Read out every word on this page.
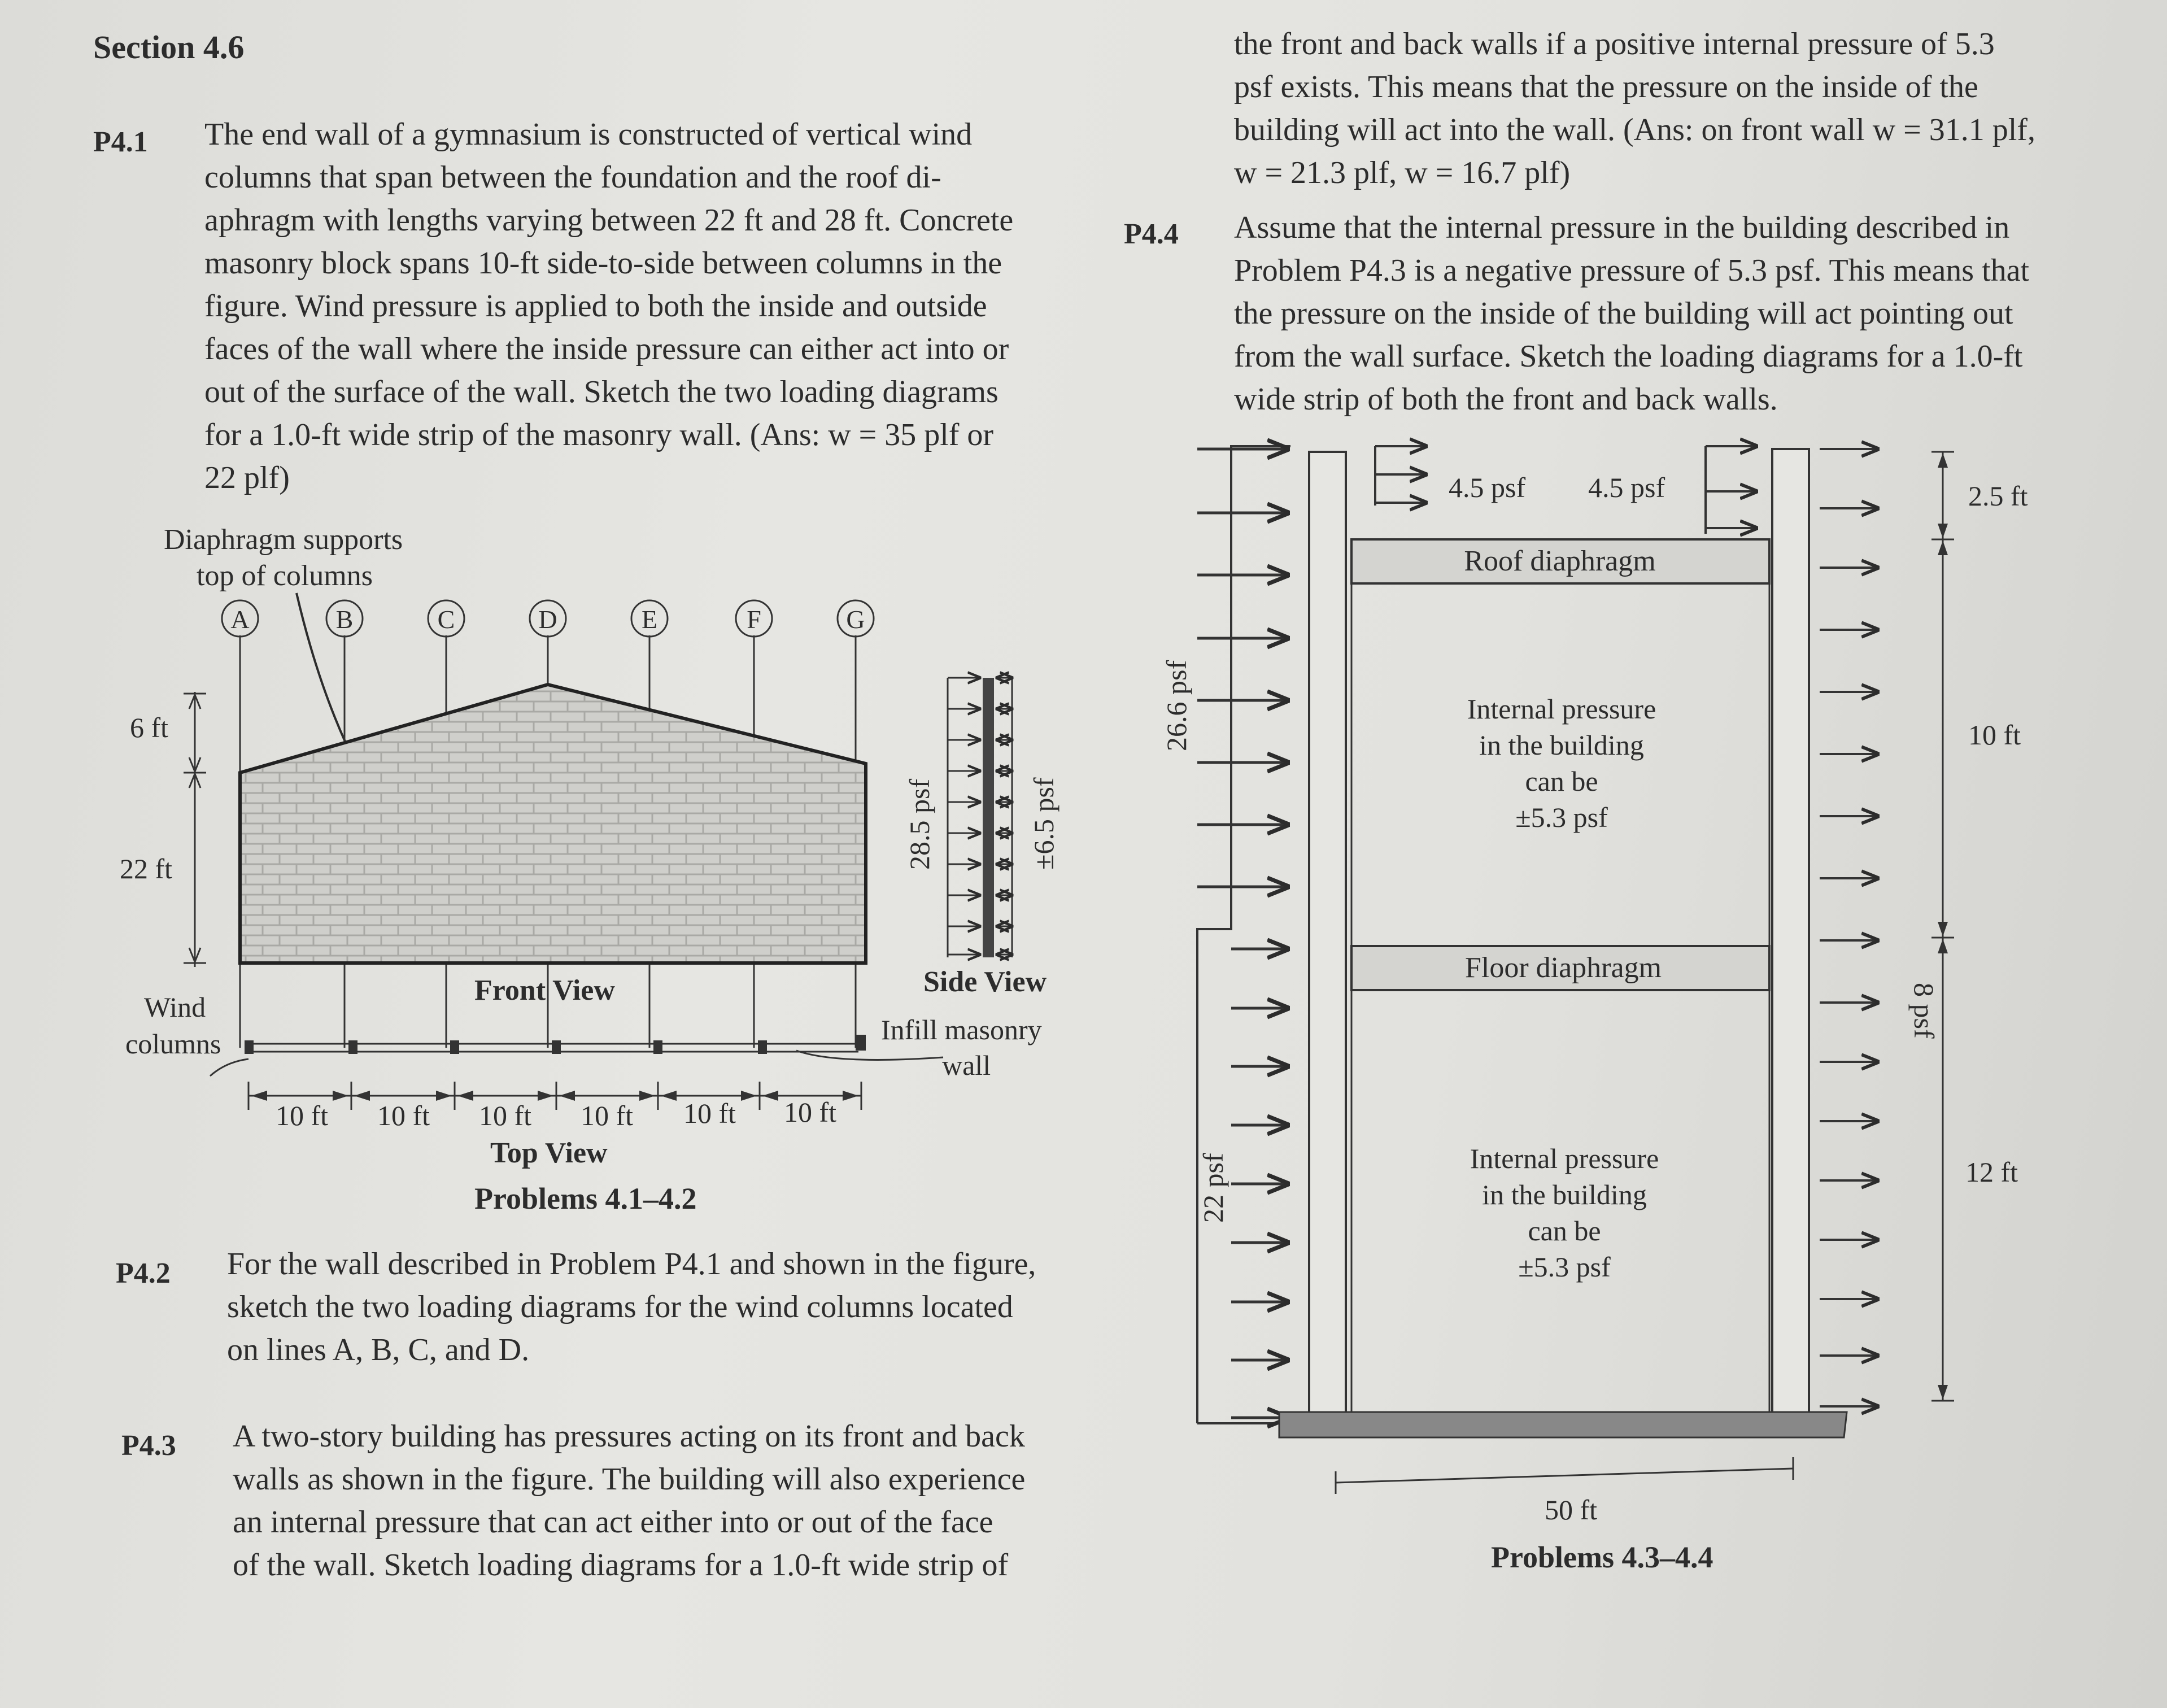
Section 4.6
P4.1 The end wall of a gymnasium is constructed of vertical wind
columns that span between the foundation and the roof di-
aphragm with lengths varying between 22 ft and 28 ft. Concrete
masonry block spans 10-ft side-to-side between columns in the
figure. Wind pressure is applied to both the inside and outside
faces of the wall where the inside pressure can either act into or
out of the surface of the wall. Sketch the two loading diagrams
for a 1.0-ft wide strip of the masonry wall. (Ans: w = 35 plf or
22 plf)
Diaphragm supports
top of columns
A	B	C	D	E	F	G
6 ft
22 ft
Front View
28.5 psf	±6.5 psf
Side View
Wind
columns	Infill masonry
wall
10 ft 10 ft 10 ft 10 ft 10 ft 10 ft
Top View
Problems 4.1–4.2
26.6 psf
22 psf
Roof diaphragm
Floor diaphragm
4.5 psf 4.5 psf
Internal pressure
in the building
can be
±5.3 psf
Internal pressure
in the building
can be
±5.3 psf
8 psf
2.5 ft
10 ft
12 ft
50 ft
Problems 4.3–4.4
P4.2 For the wall described in Problem P4.1 and shown in the figure,
sketch the two loading diagrams for the wind columns located
on lines A, B, C, and D.
P4.3 A two-story building has pressures acting on its front and back
walls as shown in the figure. The building will also experience
an internal pressure that can act either into or out of the face
of the wall. Sketch loading diagrams for a 1.0-ft wide strip of
the front and back walls if a positive internal pressure of 5.3
psf exists. This means that the pressure on the inside of the
building will act into the wall. (Ans: on front wall w = 31.1 plf,
w = 21.3 plf, w = 16.7 plf)
P4.4 Assume that the internal pressure in the building described in
Problem P4.3 is a negative pressure of 5.3 psf. This means that
the pressure on the inside of the building will act pointing out
from the wall surface. Sketch the loading diagrams for a 1.0-ft
wide strip of both the front and back walls.
